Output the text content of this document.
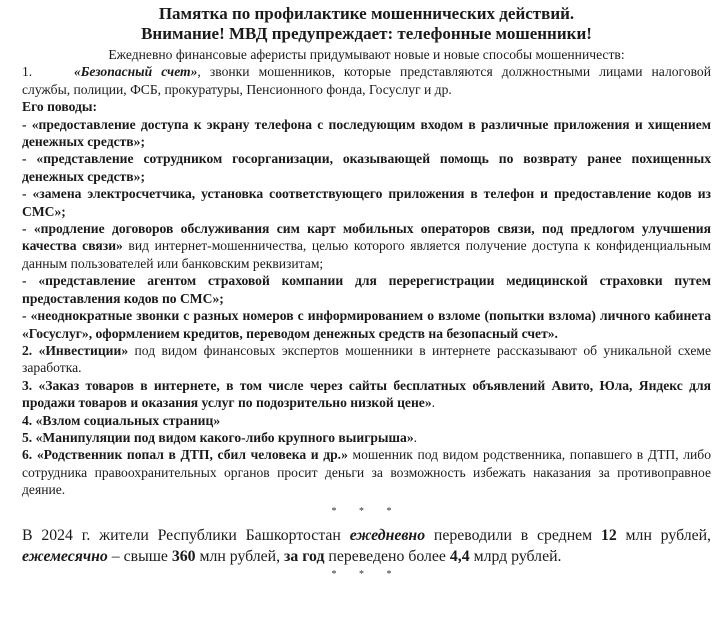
Памятка по профилактике мошеннических действий.

Внимание! МВД предупреждает: телефонные мошенники!

Ежедневно финансовые аферисты придумывают новые и новые способы мошенничеств:

1.	«Безопасный счет», звонки мошенников, которые представляются должностными лицами налоговой службы, полиции, ФСБ, прокуратуры, Пенсионного фонда, Госуслуг и др.

Его поводы:

- «предоставление доступа к экрану телефона с последующим входом в различные приложения и хищением денежных средств»;

- «представление сотрудником госорганизации, оказывающей помощь по возврату ранее похищенных денежных средств»;

- «замена электросчетчика, установка соответствующего приложения в телефон и предоставление кодов из СМС»;

- «продление договоров обслуживания сим карт мобильных операторов связи, под предлогом улучшения качества связи» вид интернет-мошенничества, целью которого является получение доступа к конфиденциальным данным пользователей или банковским реквизитам;

- «представление агентом страховой компании для перерегистрации медицинской страховки путем предоставления кодов по СМС»;

- «неоднократные звонки с разных номеров с информированием о взломе (попытки взлома) личного кабинета «Госуслуг», оформлением кредитов, переводом денежных средств на безопасный счет».

2. «Инвестиции» под видом финансовых экспертов мошенники в интернете рассказывают об уникальной схеме заработка.

3. «Заказ товаров в интернете, в том числе через сайты бесплатных объявлений Авито, Юла, Яндекс для продажи товаров и оказания услуг по подозрительно низкой цене».

4. «Взлом социальных страниц»

5. «Манипуляции под видом какого-либо крупного выигрыша».

6. «Родственник попал в ДТП, сбил человека и др.» мошенник под видом родственника, попавшего в ДТП, либо сотрудника правоохранительных органов просит деньги за возможность избежать наказания за противоправное деяние.

* * *

В 2024 г. жители Республики Башкортостан ежедневно переводили в среднем 12 млн рублей, ежемесячно – свыше 360 млн рублей, за год переведено более 4,4 млрд рублей.

* * *
